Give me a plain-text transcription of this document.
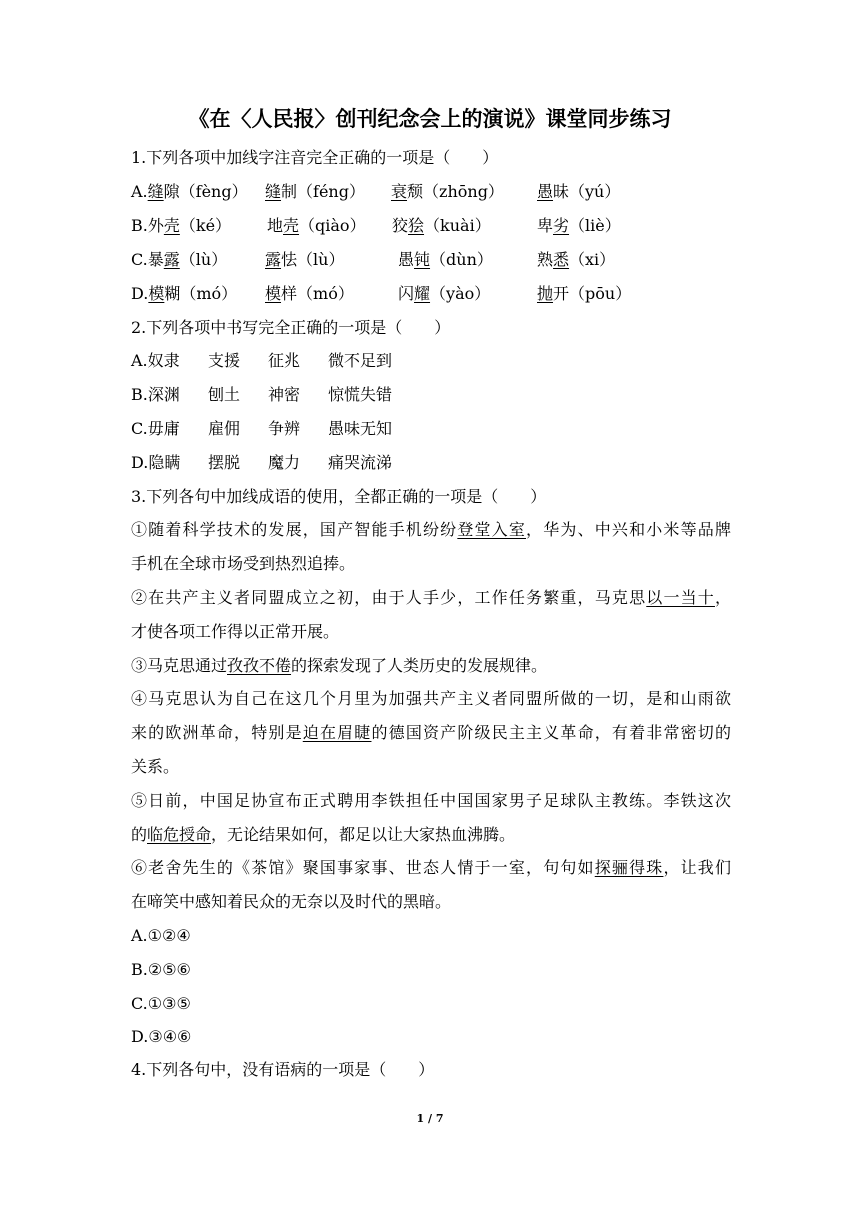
《在〈人民报〉创刊纪念会上的演说》课堂同步练习
1.下列各项中加线字注音完全正确的一项是（　　）
A.缝隙（fèng） 缝制（féng） 衰颓（zhōng） 愚昧（yú）
B.外壳（ké） 地壳（qiào） 狡狯（kuài）	卑劣（liè）
C.暴露（lù） 露怯（lù）	愚钝（dùn）	熟悉（xi）
D.模糊（mó） 模样（mó）	闪耀（yào）	抛开（pōu）
2.下列各项中书写完全正确的一项是（　　）
A.奴隶 支援 征兆 微不足到
B.深渊 刨土 神密 惊慌失错
C.毋庸 雇佣 争辨 愚味无知
D.隐瞒 摆脱 魔力 痛哭流涕
3.下列各句中加线成语的使用，全都正确的一项是（　　）
①随着科学技术的发展，国产智能手机纷纷登堂入室，华为、中兴和小米等品牌
手机在全球市场受到热烈追捧。
②在共产主义者同盟成立之初，由于人手少，工作任务繁重，马克思以一当十，
才使各项工作得以正常开展。
③马克思通过孜孜不倦的探索发现了人类历史的发展规律。
④马克思认为自己在这几个月里为加强共产主义者同盟所做的一切，是和山雨欲
来的欧洲革命，特别是迫在眉睫的德国资产阶级民主主义革命，有着非常密切的
关系。
⑤日前，中国足协宣布正式聘用李铁担任中国国家男子足球队主教练。李铁这次
的临危授命，无论结果如何，都足以让大家热血沸腾。
⑥老舍先生的《茶馆》聚国事家事、世态人情于一室，句句如探骊得珠，让我们
在啼笑中感知着民众的无奈以及时代的黑暗。
A.①②④
B.②⑤⑥
C.①③⑤
D.③④⑥
4.下列各句中，没有语病的一项是（　　）
1 / 7
